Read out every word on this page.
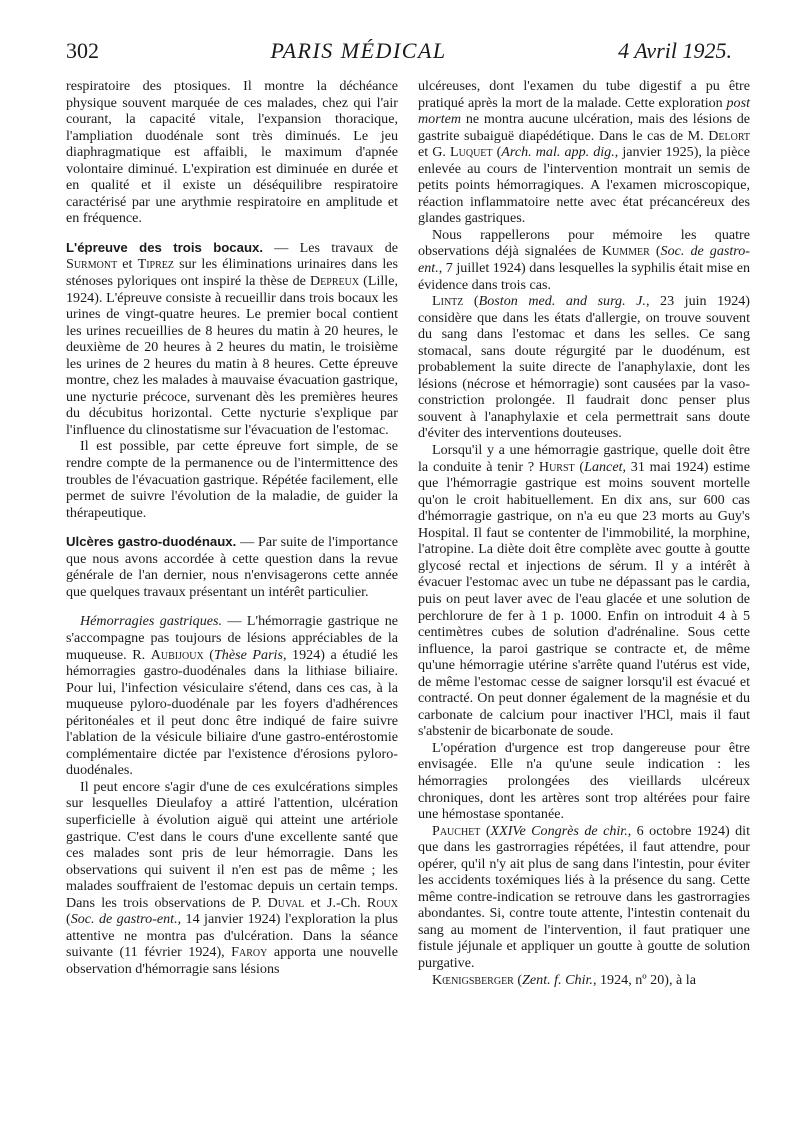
302	PARIS MÉDICAL	4 Avril 1925.

respiratoire des ptosiques. Il montre la déchéance physique souvent marquée de ces malades, chez qui l'air courant, la capacité vitale, l'expansion thoracique, l'ampliation duodénale sont très diminués. Le jeu diaphragmatique est affaibli, le maximum d'apnée volontaire diminué. L'expiration est diminuée en durée et en qualité et il existe un déséquilibre respiratoire caractérisé par une arythmie respiratoire en amplitude et en fréquence.

L'épreuve des trois bocaux. — Les travaux de Surmont et Tiprez sur les éliminations urinaires dans les sténoses pyloriques ont inspiré la thèse de Depreux (Lille, 1924). L'épreuve consiste à recueillir dans trois bocaux les urines de vingt-quatre heures. Le premier bocal contient les urines recueillies de 8 heures du matin à 20 heures, le deuxième de 20 heures à 2 heures du matin, le troisième les urines de 2 heures du matin à 8 heures. Cette épreuve montre, chez les malades à mauvaise évacuation gastrique, une nycturie précoce, survenant dès les premières heures du décubitus horizontal. Cette nycturie s'explique par l'influence du clinostatisme sur l'évacuation de l'estomac.

Il est possible, par cette épreuve fort simple, de se rendre compte de la permanence ou de l'intermittence des troubles de l'évacuation gastrique. Répétée facilement, elle permet de suivre l'évolution de la maladie, de guider la thérapeutique.

Ulcères gastro-duodénaux. — Par suite de l'importance que nous avons accordée à cette question dans la revue générale de l'an dernier, nous n'envisagerons cette année que quelques travaux présentant un intérêt particulier.

Hémorragies gastriques. — L'hémorragie gastrique ne s'accompagne pas toujours de lésions appréciables de la muqueuse. R. Aubijoux (Thèse Paris, 1924) a étudié les hémorragies gastro-duodénales dans la lithiase biliaire. Pour lui, l'infection vésiculaire s'étend, dans ces cas, à la muqueuse pyloro-duodénale par les foyers d'adhérences péritonéales et il peut donc être indiqué de faire suivre l'ablation de la vésicule biliaire d'une gastro-entérostomie complémentaire dictée par l'existence d'érosions pyloro-duodénales.

Il peut encore s'agir d'une de ces exulcérations simples sur lesquelles Dieulafoy a attiré l'attention, ulcération superficielle à évolution aiguë qui atteint une artériole gastrique. C'est dans le cours d'une excellente santé que ces malades sont pris de leur hémorragie. Dans les observations qui suivent il n'en est pas de même ; les malades souffraient de l'estomac depuis un certain temps. Dans les trois observations de P. Duval et J.-Ch. Roux (Soc. de gastro-ent., 14 janvier 1924) l'exploration la plus attentive ne montra pas d'ulcération. Dans la séance suivante (11 février 1924), Faroy apporta une nouvelle observation d'hémorragie sans lésions

ulcéreuses, dont l'examen du tube digestif a pu être pratiqué après la mort de la malade. Cette exploration post mortem ne montra aucune ulcération, mais des lésions de gastrite subaiguë diapédétique. Dans le cas de M. Delort et G. Luquet (Arch. mal. app. dig., janvier 1925), la pièce enlevée au cours de l'intervention montrait un semis de petits points hémorragiques. A l'examen microscopique, réaction inflammatoire nette avec état précancéreux des glandes gastriques.

Nous rappellerons pour mémoire les quatre observations déjà signalées de Kummer (Soc. de gastro-ent., 7 juillet 1924) dans lesquelles la syphilis était mise en évidence dans trois cas.

Lintz (Boston med. and surg. J., 23 juin 1924) considère que dans les états d'allergie, on trouve souvent du sang dans l'estomac et dans les selles. Ce sang stomacal, sans doute régurgité par le duodénum, est probablement la suite directe de l'anaphylaxie, dont les lésions (nécrose et hémorragie) sont causées par la vaso-constriction prolongée. Il faudrait donc penser plus souvent à l'anaphylaxie et cela permettrait sans doute d'éviter des interventions douteuses.

Lorsqu'il y a une hémorragie gastrique, quelle doit être la conduite à tenir ? Hurst (Lancet, 31 mai 1924) estime que l'hémorragie gastrique est moins souvent mortelle qu'on le croit habituellement. En dix ans, sur 600 cas d'hémorragie gastrique, on n'a eu que 23 morts au Guy's Hospital. Il faut se contenter de l'immobilité, la morphine, l'atropine. La diète doit être complète avec goutte à goutte glycosé rectal et injections de sérum. Il y a intérêt à évacuer l'estomac avec un tube ne dépassant pas le cardia, puis on peut laver avec de l'eau glacée et une solution de perchlorure de fer à 1 p. 1000. Enfin on introduit 4 à 5 centimètres cubes de solution d'adrénaline. Sous cette influence, la paroi gastrique se contracte et, de même qu'une hémorragie utérine s'arrête quand l'utérus est vide, de même l'estomac cesse de saigner lorsqu'il est évacué et contracté. On peut donner également de la magnésie et du carbonate de calcium pour inactiver l'HCl, mais il faut s'abstenir de bicarbonate de soude.

L'opération d'urgence est trop dangereuse pour être envisagée. Elle n'a qu'une seule indication : les hémorragies prolongées des vieillards ulcéreux chroniques, dont les artères sont trop altérées pour faire une hémostase spontanée.

Pauchet (XXIVe Congrès de chir., 6 octobre 1924) dit que dans les gastrorragies répétées, il faut attendre, pour opérer, qu'il n'y ait plus de sang dans l'intestin, pour éviter les accidents toxémiques liés à la présence du sang. Cette même contre-indication se retrouve dans les gastrorragies abondantes. Si, contre toute attente, l'intestin contenait du sang au moment de l'intervention, il faut pratiquer une fistule jéjunale et appliquer un goutte à goutte de solution purgative.

Kœnigsberger (Zent. f. Chir., 1924, nº 20), à la
